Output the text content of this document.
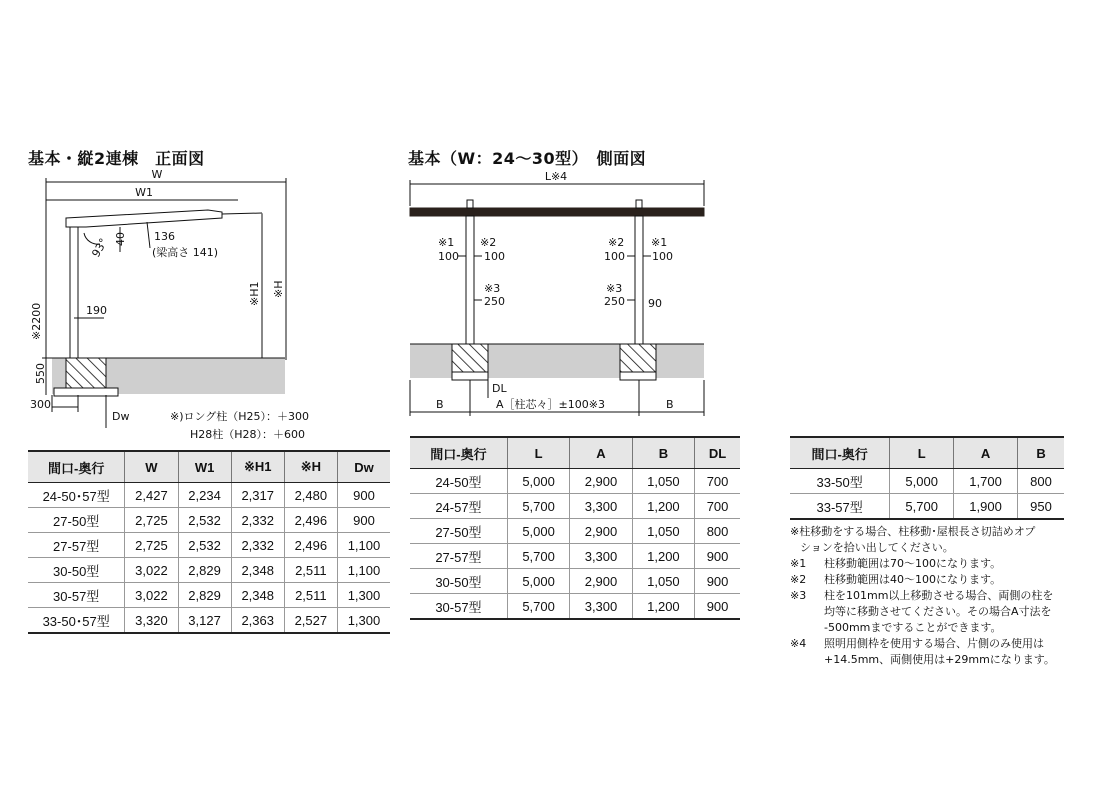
基本・縦2連棟　正面図	基本（W：24～30型）　側面図
W
W1
93° 40 136
(梁高さ 141)
※2200
※H1 ※H
190
550
300
Dw	※)ロング柱（H25）：＋300
H28柱（H28）：＋600
L※4
※1
100
※2
100
※3
250
※2
100
※1
100
※3
250 90
DL
B	A［柱芯々］±100※3	B
間口-奥行	W	W1	※H1	※H	Dw
24-50･57型	2,427	2,234	2,317	2,480	900
27-50型	2,725	2,532	2,332	2,496	900
27-57型	2,725	2,532	2,332	2,496	1,100
30-50型	3,022	2,829	2,348	2,511	1,100
30-57型	3,022	2,829	2,348	2,511	1,300
33-50･57型	3,320	3,127	2,363	2,527	1,300
間口-奥行	L	A	B	DL
24-50型	5,000	2,900	1,050	700
24-57型	5,700	3,300	1,200	700
27-50型	5,000	2,900	1,050	800
27-57型	5,700	3,300	1,200	900
30-50型	5,000	2,900	1,050	900
30-57型	5,700	3,300	1,200	900
間口-奥行	L	A	B
33-50型	5,000	1,700	800
33-57型	5,700	1,900	950
※柱移動をする場合、柱移動･屋根長さ切詰めオプ
ションを拾い出してください。
※1	柱移動範囲は70～100になります。
※2	柱移動範囲は40～100になります。
※3	柱を101mm以上移動させる場合、両側の柱を
均等に移動させてください。その場合A寸法を
-500mmまですることができます。
※4	照明用側枠を使用する場合、片側のみ使用は
+14.5mm、両側使用は+29mmになります。
